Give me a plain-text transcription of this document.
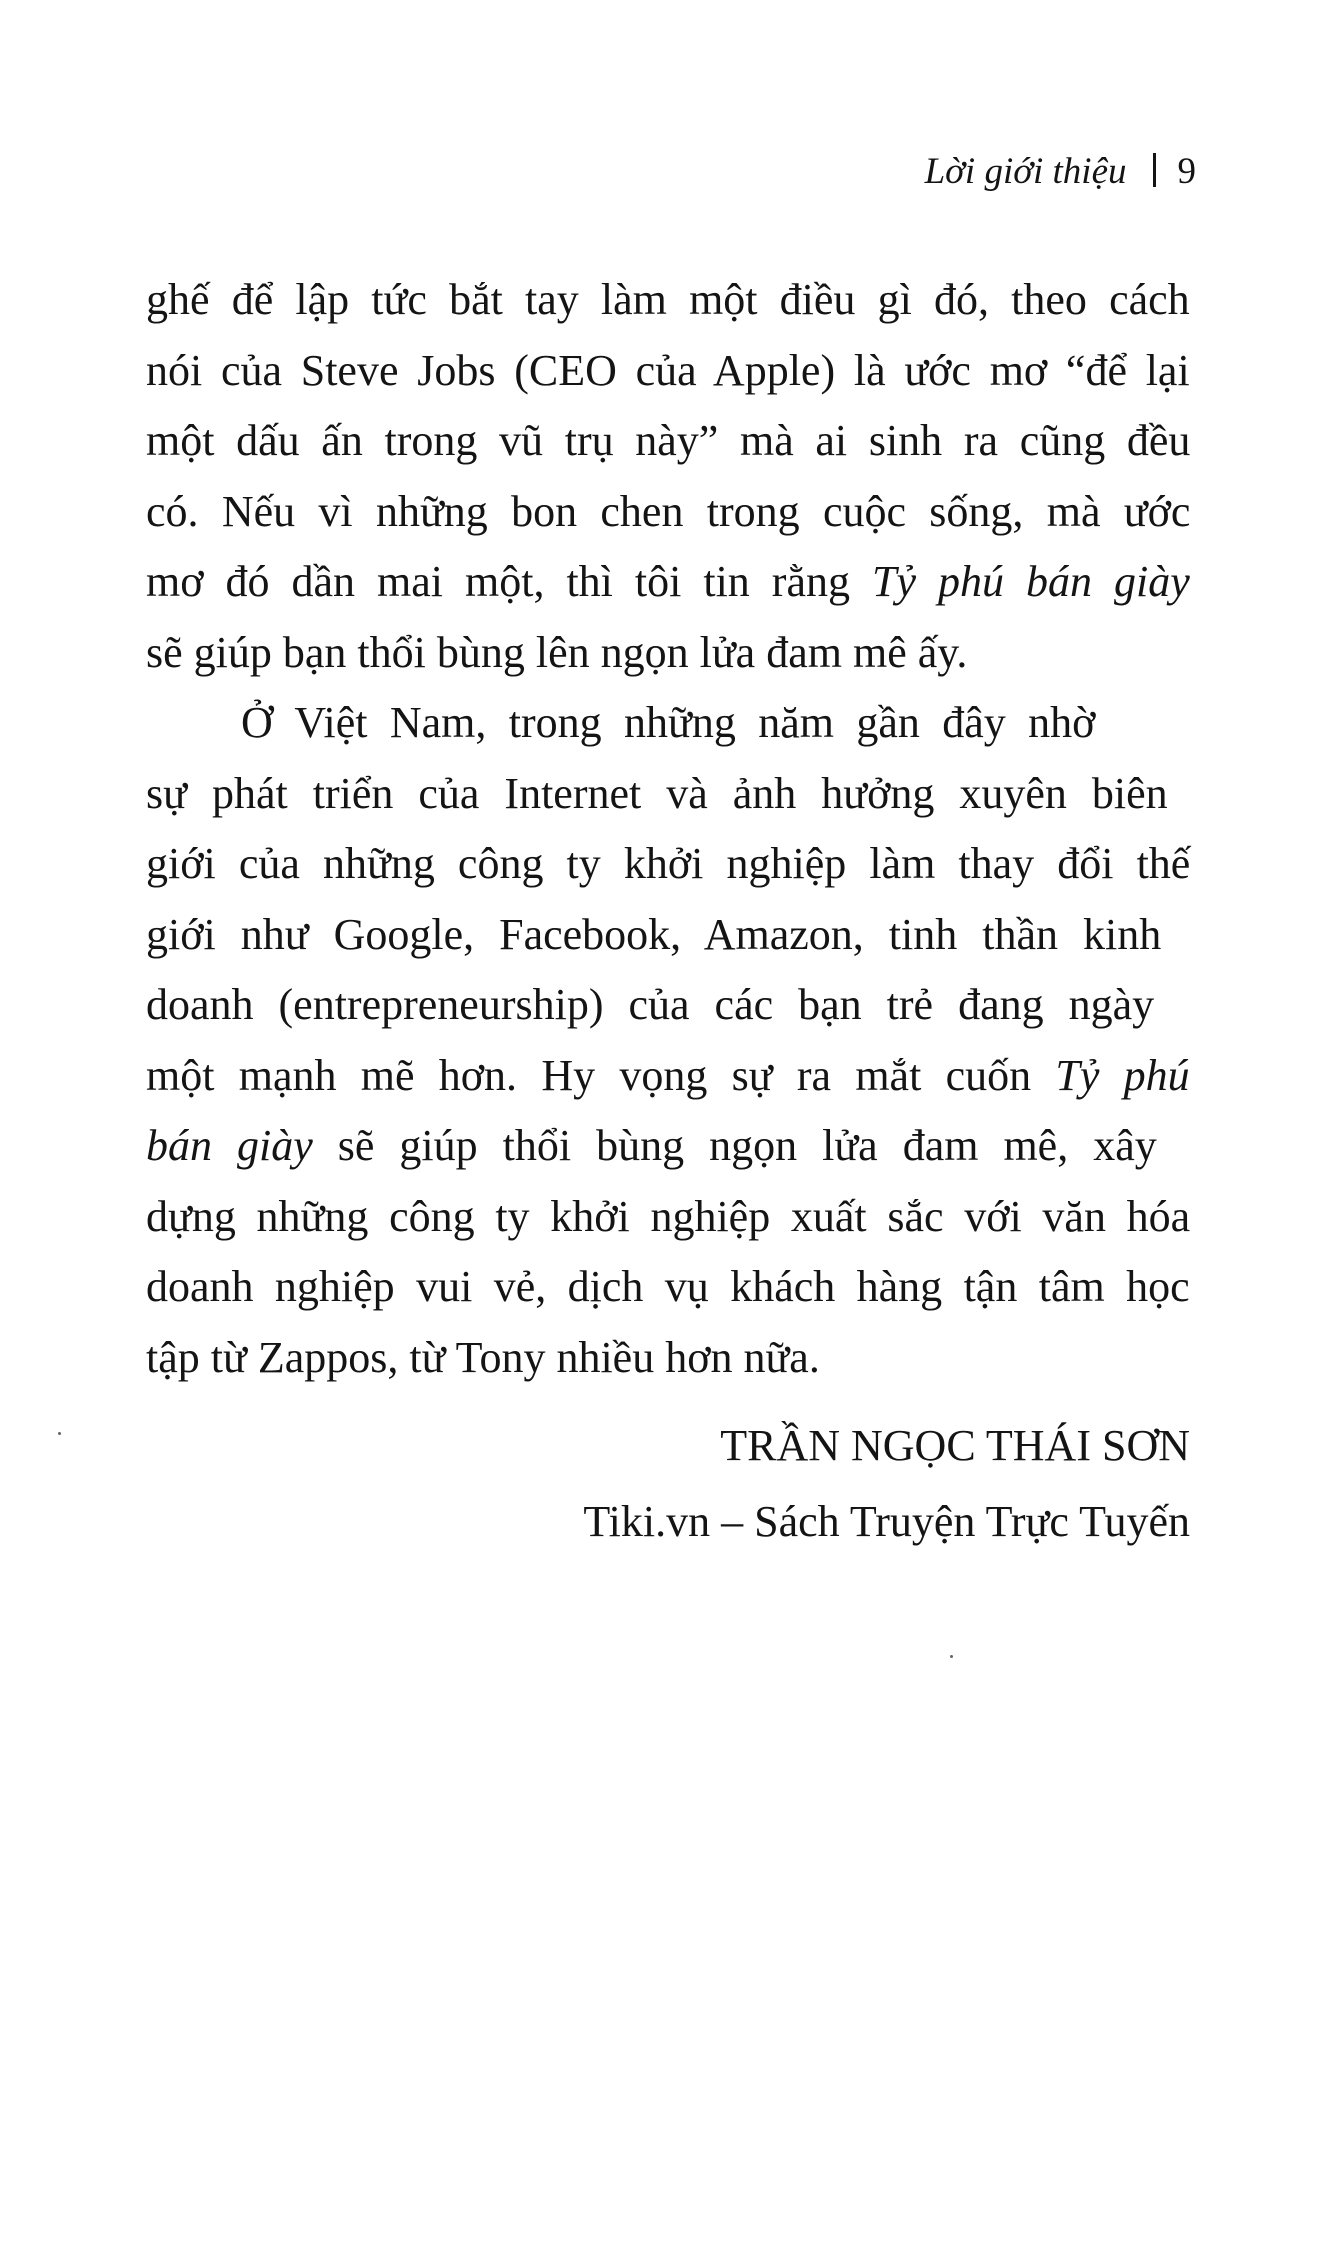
Lời giới thiệu 9

ghế để lập tức bắt tay làm một điều gì đó, theo cách
nói của Steve Jobs (CEO của Apple) là ước mơ “để lại
một dấu ấn trong vũ trụ này” mà ai sinh ra cũng đều
có. Nếu vì những bon chen trong cuộc sống, mà ước
mơ đó dần mai một, thì tôi tin rằng Tỷ phú bán giày
sẽ giúp bạn thổi bùng lên ngọn lửa đam mê ấy.

Ở Việt Nam, trong những năm gần đây nhờ
sự phát triển của Internet và ảnh hưởng xuyên biên
giới của những công ty khởi nghiệp làm thay đổi thế
giới như Google, Facebook, Amazon, tinh thần kinh
doanh (entrepreneurship) của các bạn trẻ đang ngày
một mạnh mẽ hơn. Hy vọng sự ra mắt cuốn Tỷ phú
bán giày sẽ giúp thổi bùng ngọn lửa đam mê, xây
dựng những công ty khởi nghiệp xuất sắc với văn hóa
doanh nghiệp vui vẻ, dịch vụ khách hàng tận tâm học
tập từ Zappos, từ Tony nhiều hơn nữa.

TRẦN NGỌC THÁI SƠN
Tiki.vn – Sách Truyện Trực Tuyến
